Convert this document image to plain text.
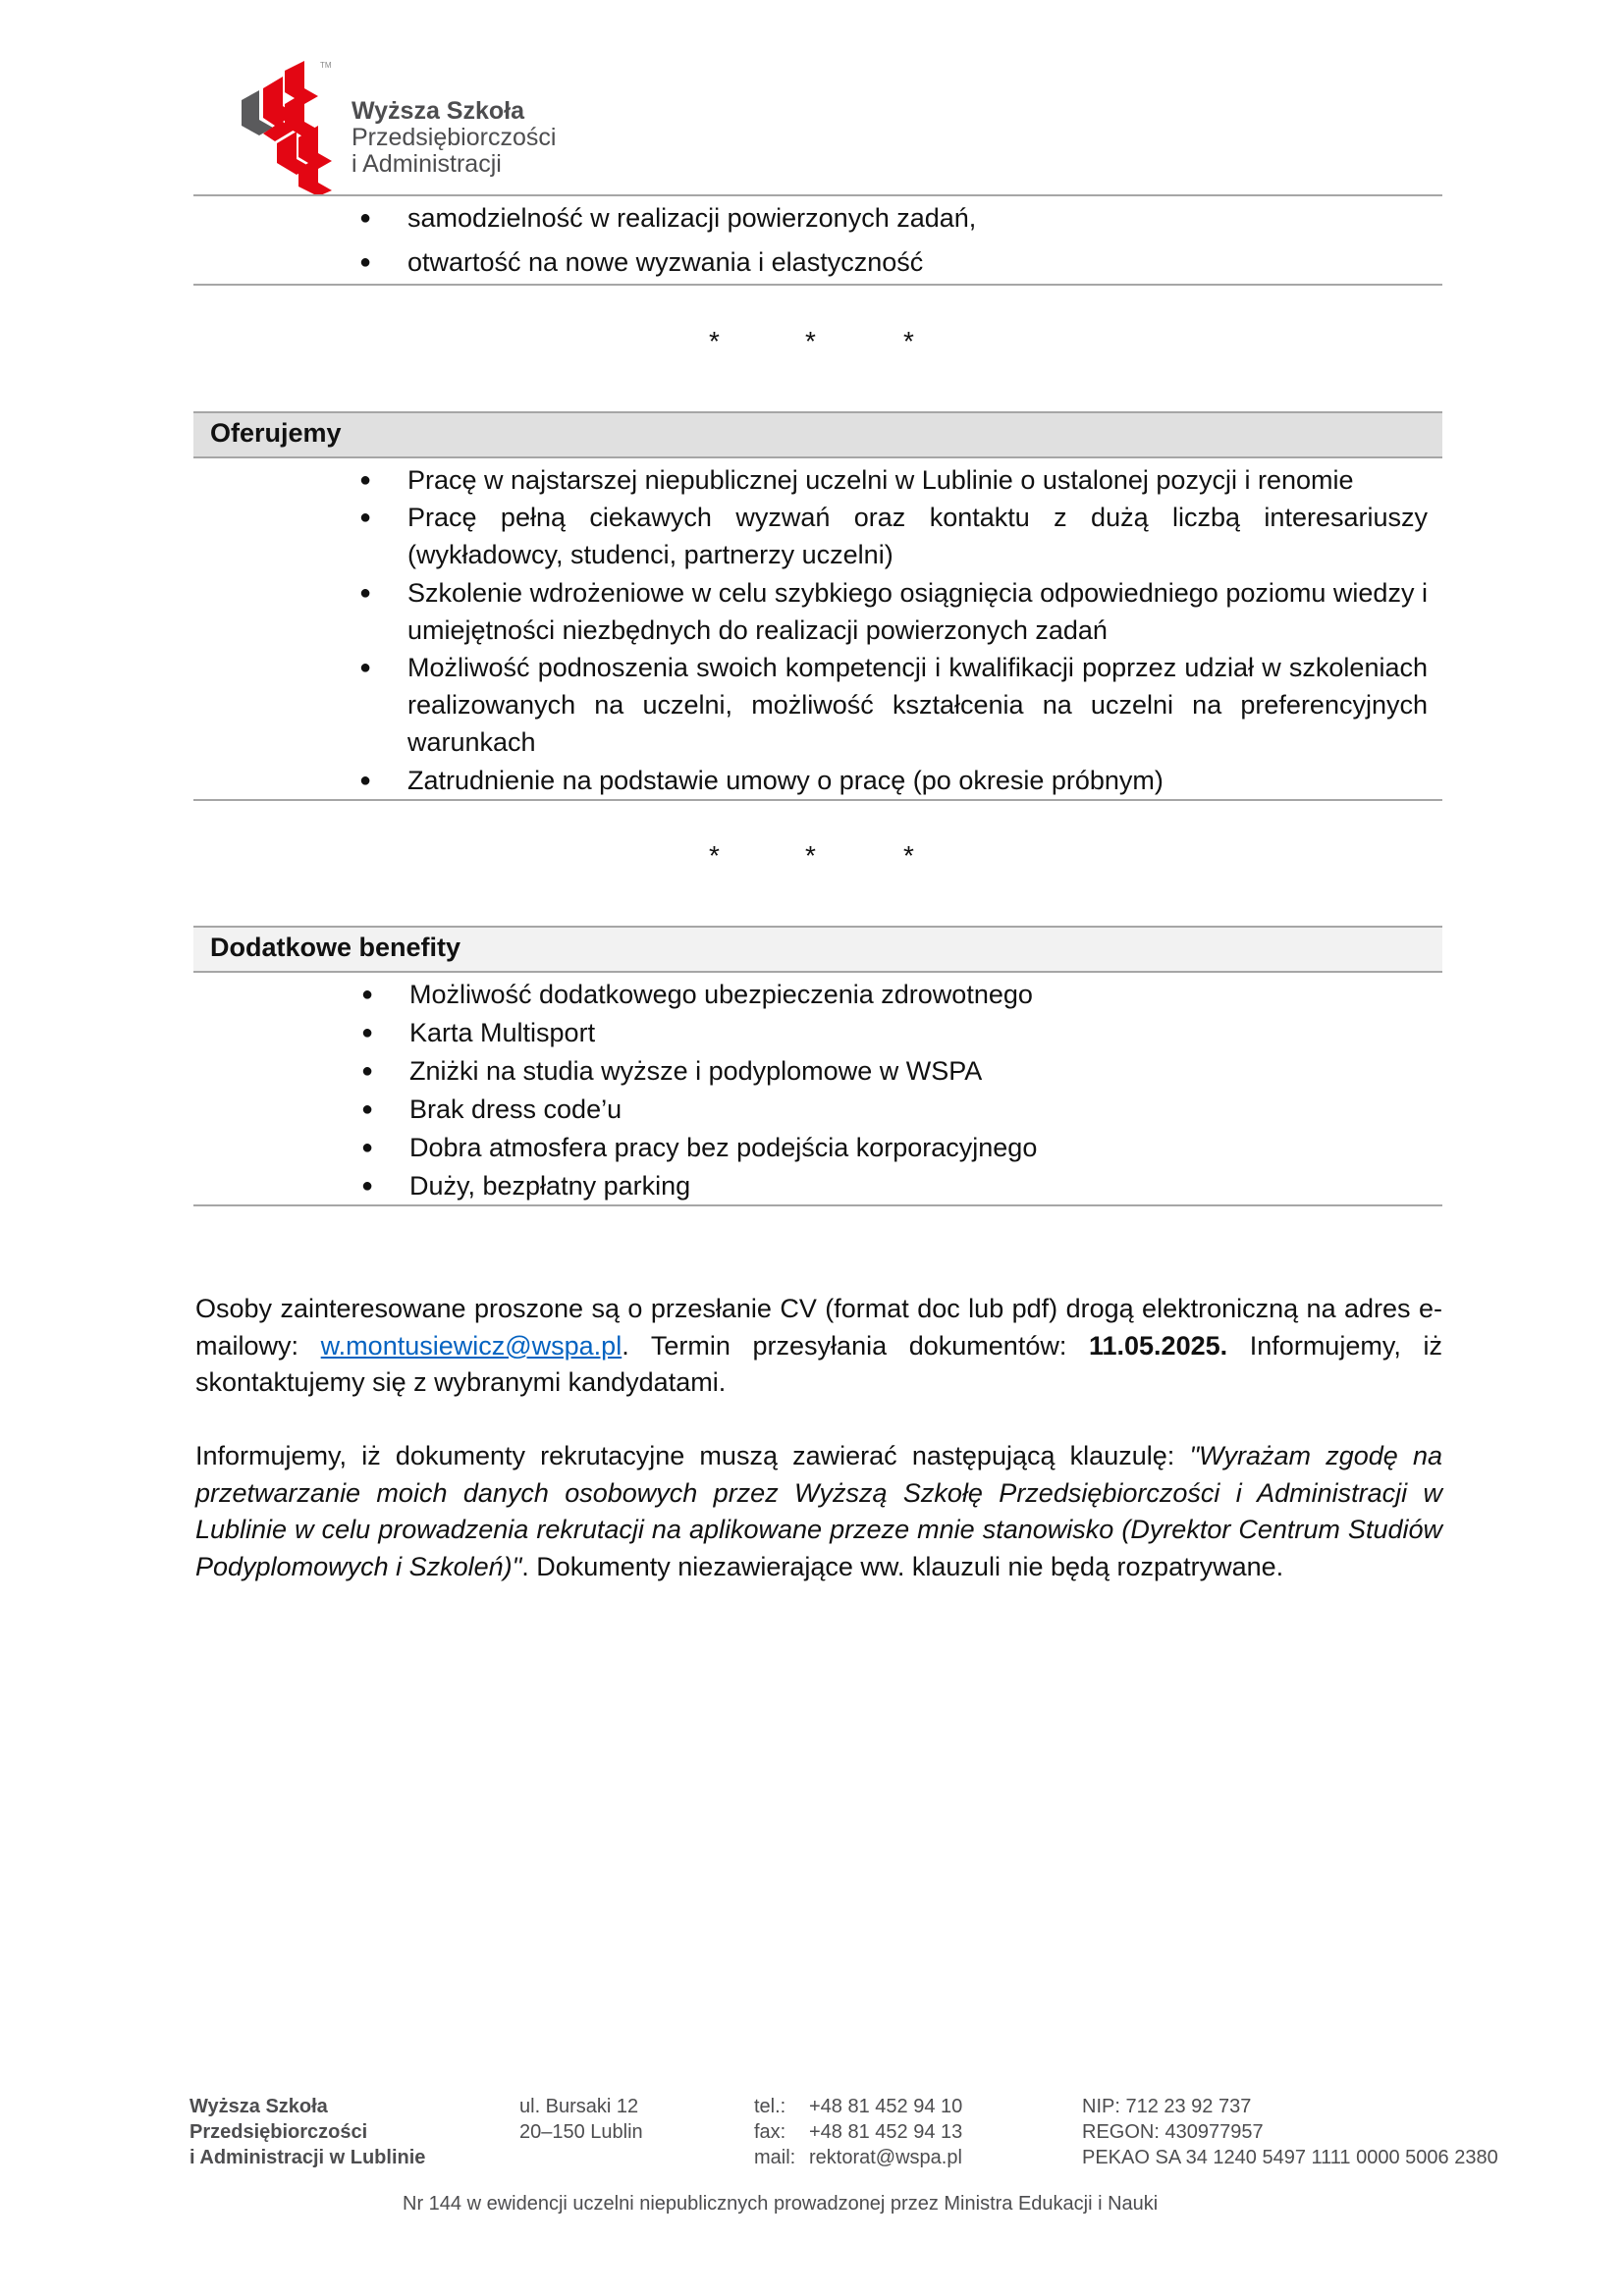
TM
Wyższa Szkoła
Przedsiębiorczości
i Administracji
● samodzielność w realizacji powierzonych zadań,
● otwartość na nowe wyzwania i elastyczność
*	*	*
Oferujemy
● Pracę w najstarszej niepublicznej uczelni w Lublinie o ustalonej pozycji i renomie
● Pracę pełną ciekawych wyzwań oraz kontaktu z dużą liczbą interesariuszy (wykładowcy, studenci, partnerzy uczelni)
● Szkolenie wdrożeniowe w celu szybkiego osiągnięcia odpowiedniego poziomu wiedzy i umiejętności niezbędnych do realizacji powierzonych zadań
● Możliwość podnoszenia swoich kompetencji i kwalifikacji poprzez udział w szkoleniach realizowanych na uczelni, możliwość kształcenia na uczelni na preferencyjnych warunkach
● Zatrudnienie na podstawie umowy o pracę (po okresie próbnym)
*	*	*
Dodatkowe benefity
● Możliwość dodatkowego ubezpieczenia zdrowotnego
● Karta Multisport
● Zniżki na studia wyższe i podyplomowe w WSPA
● Brak dress code’u
● Dobra atmosfera pracy bez podejścia korporacyjnego
● Duży, bezpłatny parking
Osoby zainteresowane proszone są o przesłanie CV (format doc lub pdf) drogą elektroniczną na adres e-mailowy: w.montusiewicz@wspa.pl. Termin przesyłania dokumentów: 11.05.2025. Informujemy, iż skontaktujemy się z wybranymi kandydatami.
Informujemy, iż dokumenty rekrutacyjne muszą zawierać następującą klauzulę: "Wyrażam zgodę na przetwarzanie moich danych osobowych przez Wyższą Szkołę Przedsiębiorczości i Administracji w Lublinie w celu prowadzenia rekrutacji na aplikowane przeze mnie stanowisko (Dyrektor Centrum Studiów Podyplomowych i Szkoleń)". Dokumenty niezawierające ww. klauzuli nie będą rozpatrywane.
Wyższa Szkoła
Przedsiębiorczości
i Administracji w Lublinie
ul. Bursaki 12
20–150 Lublin
tel.:
fax:
mail:
+48 81 452 94 10
+48 81 452 94 13
rektorat@wspa.pl
NIP: 712 23 92 737
REGON: 430977957
PEKAO SA 34 1240 5497 1111 0000 5006 2380
Nr 144 w ewidencji uczelni niepublicznych prowadzonej przez Ministra Edukacji i Nauki
